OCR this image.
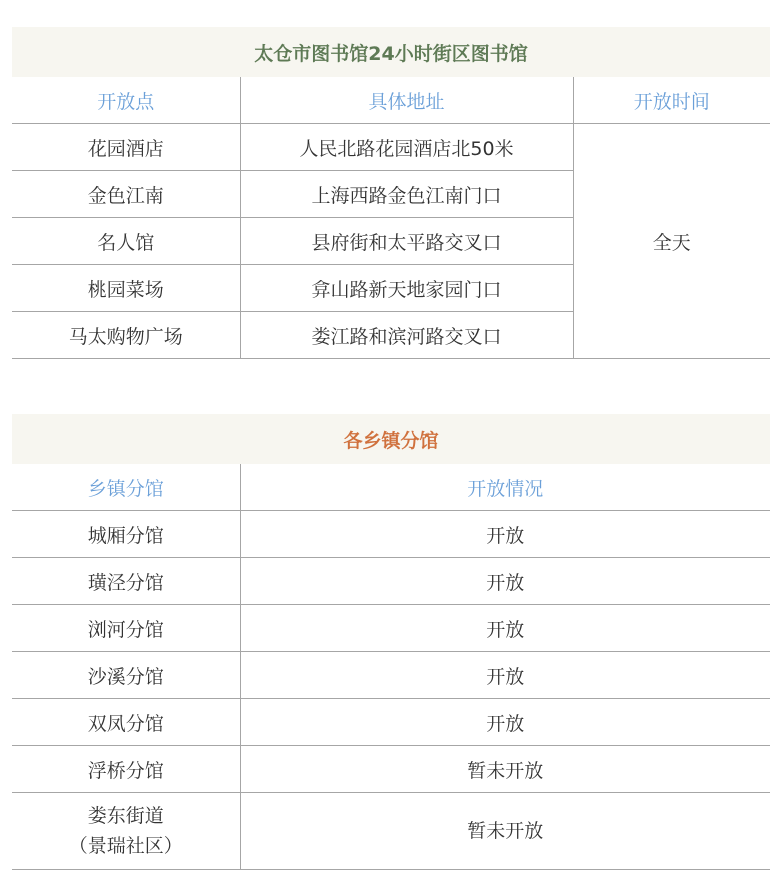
太仓市图书馆24小时街区图书馆
开放点	具体地址	开放时间
花园酒店	人民北路花园酒店北50米	全天
金色江南	上海西路金色江南门口	
名人馆	县府街和太平路交叉口	
桃园菜场	弇山路新天地家园门口	
马太购物广场	娄江路和滨河路交叉口	
各乡镇分馆
乡镇分馆	开放情况
城厢分馆	开放
璜泾分馆	开放
浏河分馆	开放
沙溪分馆	开放
双凤分馆	开放
浮桥分馆	暂未开放

娄东街道
（景瑞社区）	暂未开放
